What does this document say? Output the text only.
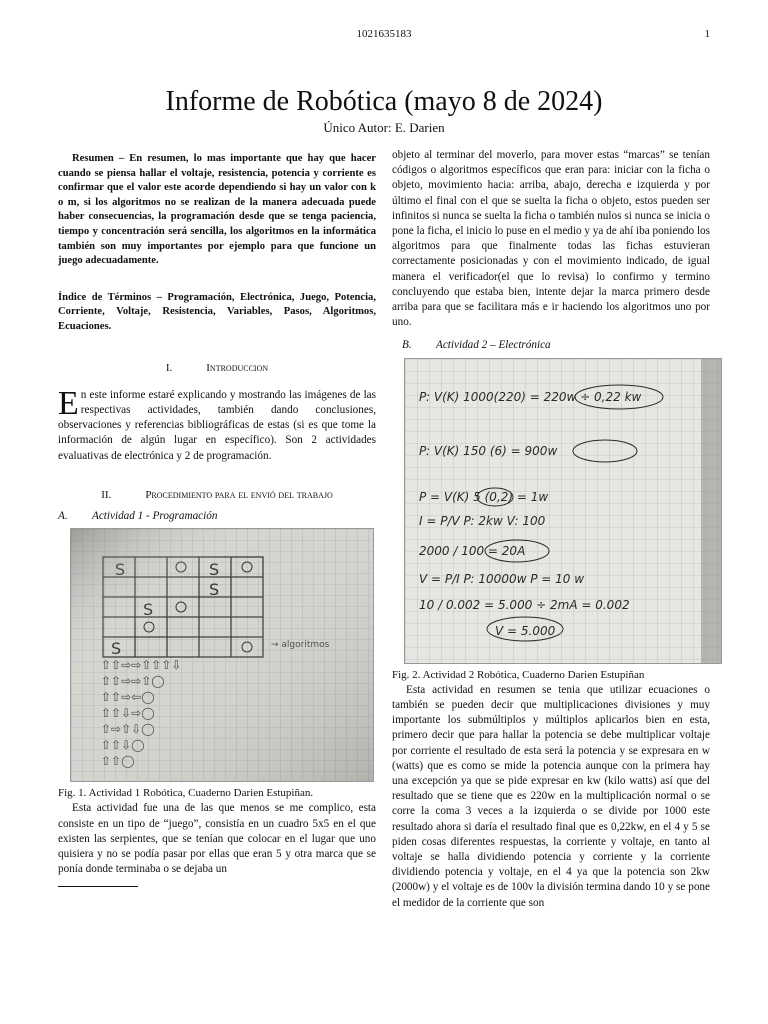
1021635183	1
Informe de Robótica (mayo 8 de 2024)
Único Autor: E. Darien

Resumen – En resumen, lo mas importante que hay que hacer cuando se piensa hallar el voltaje, resistencia, potencia y corriente es confirmar que el valor este acorde dependiendo si hay un valor con k o m, si los algoritmos no se realizan de la manera adecuada puede haber consecuencias, la programación desde que se tenga paciencia, tiempo y concentración será sencilla, los algoritmos en la informática también son muy importantes por ejemplo para que funcione un juego adecuadamente.

Índice de Términos – Programación, Electrónica, Juego, Potencia, Corriente, Voltaje, Resistencia, Variables, Pasos, Algoritmos, Ecuaciones.

I.	Introduccion

En este informe estaré explicando y mostrando las imágenes de las respectivas actividades, también dando conclusiones, observaciones y referencias bibliográficas de estas (si es que tome la información de algún lugar en específico). Son 2 actividades evaluativas de electrónica y 2 de programación.

II.	Procedimiento para el envió del trabajo
A. Actividad 1 - Programación
Fig. 1. Actividad 1 Robótica, Cuaderno Darien Estupiñan.

Esta actividad fue una de las que menos se me complico, esta consiste en un tipo de “juego”, consistía en un cuadro 5x5 en el que existen las serpientes, que se tenían que colocar en el lugar que uno quisiera y no se podía pasar por ellas que eran 5 y otra marca que se ponía donde terminaba o se dejaba un

objeto al terminar del moverlo, para mover estas “marcas” se tenían códigos o algoritmos específicos que eran para: iniciar con la ficha o objeto, movimiento hacia: arriba, abajo, derecha e izquierda y por último el final con el que se suelta la ficha o objeto, estos pueden ser infinitos si nunca se suelta la ficha o también nulos si nunca se inicia o pone la ficha, el inicio lo puse en el medio y ya de ahí iba poniendo los algoritmos para que finalmente todas las fichas estuvieran correctamente posicionadas y con el movimiento indicado, de igual manera el verificador(el que lo revisa) lo confirmo y termino concluyendo que estaba bien, intente dejar la marca primero desde arriba para que se facilitara más e ir haciendo los algoritmos uno por uno.

B. Actividad 2 – Electrónica
P: V(K) 1000(220) = 220w ÷ 0,22 kw
P: V(K) 150 (6) = 900w
P = V(K) 5 (0,2) = 1w
I = P/V P: 2kw V: 100
2000 / 100 = 20A
V = P/I P: 10000w P = 10 w
10 / 0.002 = 5.000 ÷ 2mA = 0.002
V = 5.000
Fig. 2. Actividad 2 Robótica, Cuaderno Darien Estupiñan

Esta actividad en resumen se tenia que utilizar ecuaciones o también se pueden decir que multiplicaciones divisiones y muy importante los submúltiplos y múltiplos aplicarlos bien en esta, primero decir que para hallar la potencia se debe multiplicar voltaje por corriente el resultado de esta será la potencia y se expresara en w (watts) que es como se mide la potencia aunque con la primera hay una excepción ya que se pide expresar en kw (kilo watts) así que del resultado que se tiene que es 220w en la multiplicación normal o se corre la coma 3 veces a la izquierda o se divide por 1000 este resultado ahora si daría el resultado final que es 0,22kw, en el 4 y 5 se piden cosas diferentes respuestas, la corriente y voltaje, en tanto al voltaje se halla dividiendo potencia y corriente y la corriente dividiendo potencia y voltaje, en el 4 ya que la potencia son 2kw (2000w) y el voltaje es de 100v la división termina dando 10 y se pone el medidor de la corriente que son
